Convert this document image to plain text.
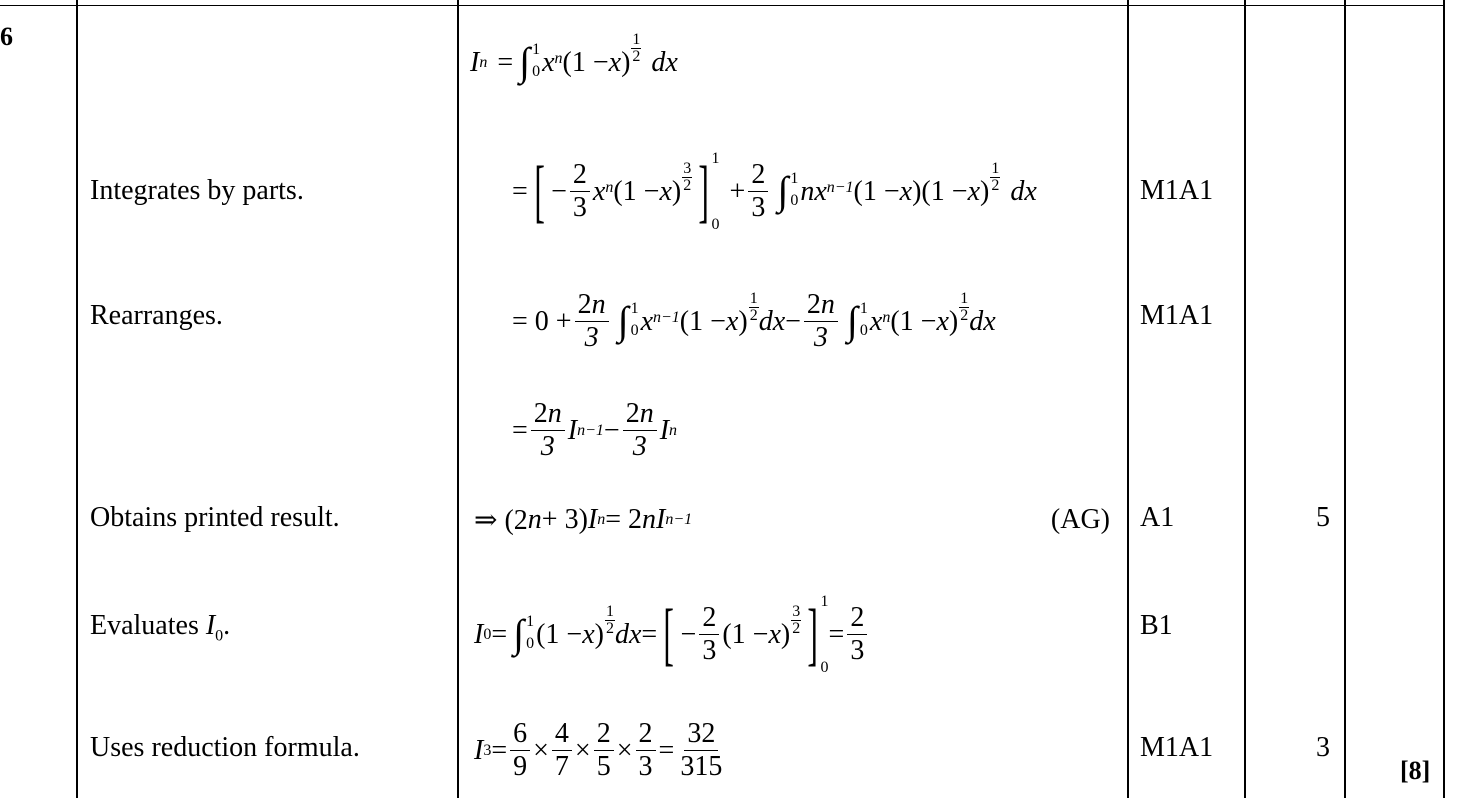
6
Integrates by parts.
Rearranges.
Obtains printed result.
Evaluates $I_0$.
Uses reduction formula.
M1A1
M1A1
A1
B1
M1A1
5
3
[8]
I n = ∫ 1
0 x n (1 − x )
1
2 dx
= [ − $\frac{2}{3}$ x n (1 − x )
3
2 ] 1
0
+ $\frac{2}{3}$ ∫ 1
0 nx n−1 (1 − x )(1 − x )
1
2 dx
= $0 + \frac{2n}{3}$ ∫ 1
0 x n−1 (1 − x )
1
2 dx − $\frac{2n}{3}$ ∫ 1
0 x n (1 − x )
1
2 dx
= $\frac{2n}{3}$ I $n-1 - \frac{2n}{3}$ I n
⇒ (2 n + 3) I n = 2 nI n−1	(AG)
I 0 = ∫ 1
0 (1 − x ) $\frac{1}{2}$ dx = [ − $\frac{2}{3} (1 - x$ )
3
2 ] 1
0
= $\frac{2}{3}$
I $3 = \frac{6}{9} \times \frac{4}{7} \times \frac{2}{5} \times \frac{2}{3} = \frac{32}{315}$
